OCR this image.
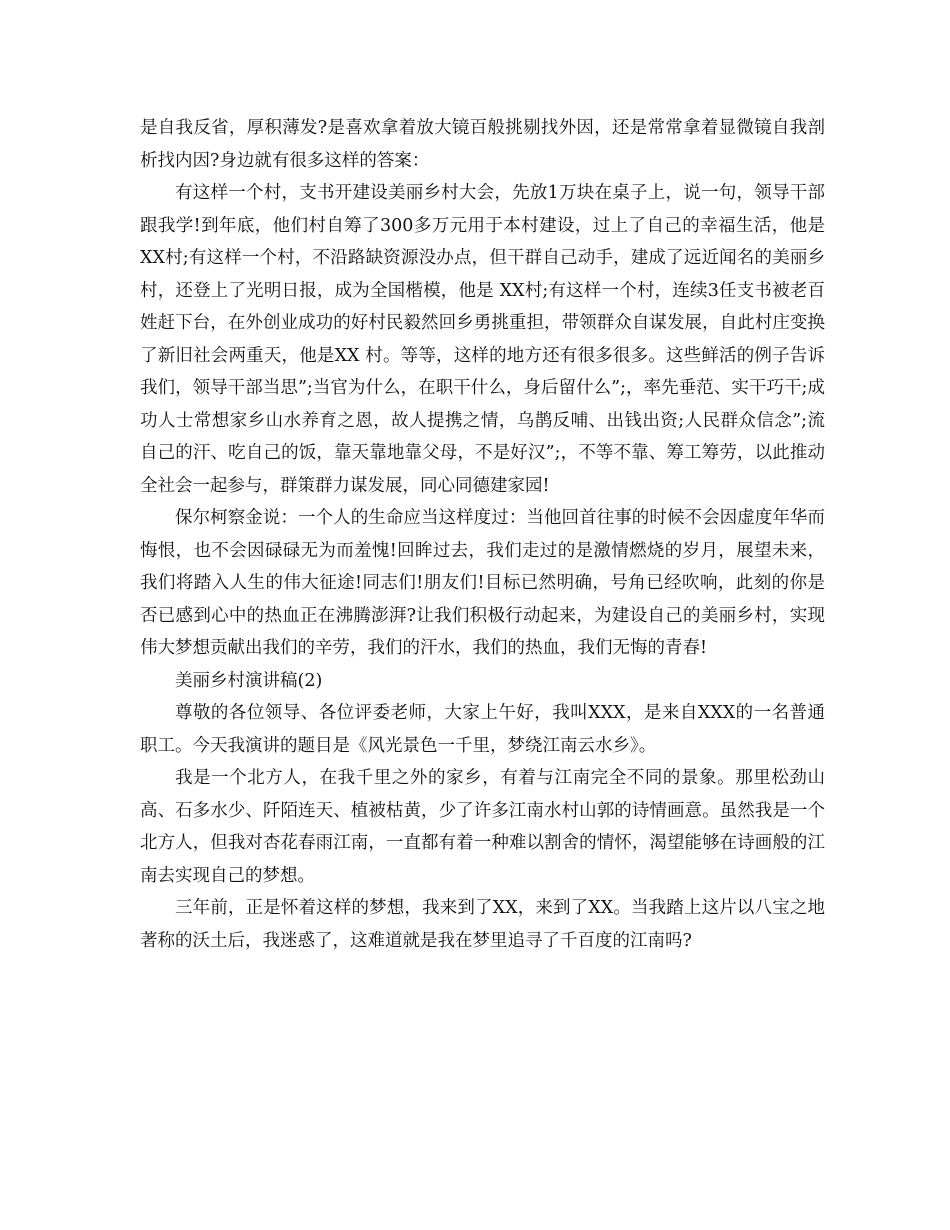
是自我反省，厚积薄发?是喜欢拿着放大镜百般挑剔找外因，还是常常拿着显微镜自我剖析找内因?身边就有很多这样的答案：

有这样一个村，支书开建设美丽乡村大会，先放1万块在桌子上，说一句，领导干部跟我学!到年底，他们村自筹了300多万元用于本村建设，过上了自己的幸福生活，他是XX村;有这样一个村，不沿路缺资源没办点，但干群自己动手，建成了远近闻名的美丽乡村，还登上了光明日报，成为全国楷模，他是 XX村;有这样一个村，连续3任支书被老百姓赶下台，在外创业成功的好村民毅然回乡勇挑重担，带领群众自谋发展，自此村庄变换了新旧社会两重天，他是XX 村。等等，这样的地方还有很多很多。这些鲜活的例子告诉我们，领导干部当思”;当官为什么，在职干什么，身后留什么”;，率先垂范、实干巧干;成功人士常想家乡山水养育之恩，故人提携之情，乌鹊反哺、出钱出资;人民群众信念”;流自己的汗、吃自己的饭，靠天靠地靠父母，不是好汉”;，不等不靠、筹工筹劳，以此推动全社会一起参与，群策群力谋发展，同心同德建家园!

保尔柯察金说：一个人的生命应当这样度过：当他回首往事的时候不会因虚度年华而悔恨，也不会因碌碌无为而羞愧!回眸过去，我们走过的是激情燃烧的岁月，展望未来，我们将踏入人生的伟大征途!同志们!朋友们!目标已然明确，号角已经吹响，此刻的你是否已感到心中的热血正在沸腾澎湃?让我们积极行动起来，为建设自己的美丽乡村，实现伟大梦想贡献出我们的辛劳，我们的汗水，我们的热血，我们无悔的青春!

美丽乡村演讲稿(2)

尊敬的各位领导、各位评委老师，大家上午好，我叫XXX，是来自XXX的一名普通职工。今天我演讲的题目是《风光景色一千里，梦绕江南云水乡》。

我是一个北方人，在我千里之外的家乡，有着与江南完全不同的景象。那里松劲山高、石多水少、阡陌连天、植被枯黄，少了许多江南水村山郭的诗情画意。虽然我是一个北方人，但我对杏花春雨江南，一直都有着一种难以割舍的情怀，渴望能够在诗画般的江南去实现自己的梦想。

三年前，正是怀着这样的梦想，我来到了XX，来到了XX。当我踏上这片以八宝之地著称的沃土后，我迷惑了，这难道就是我在梦里追寻了千百度的江南吗?
